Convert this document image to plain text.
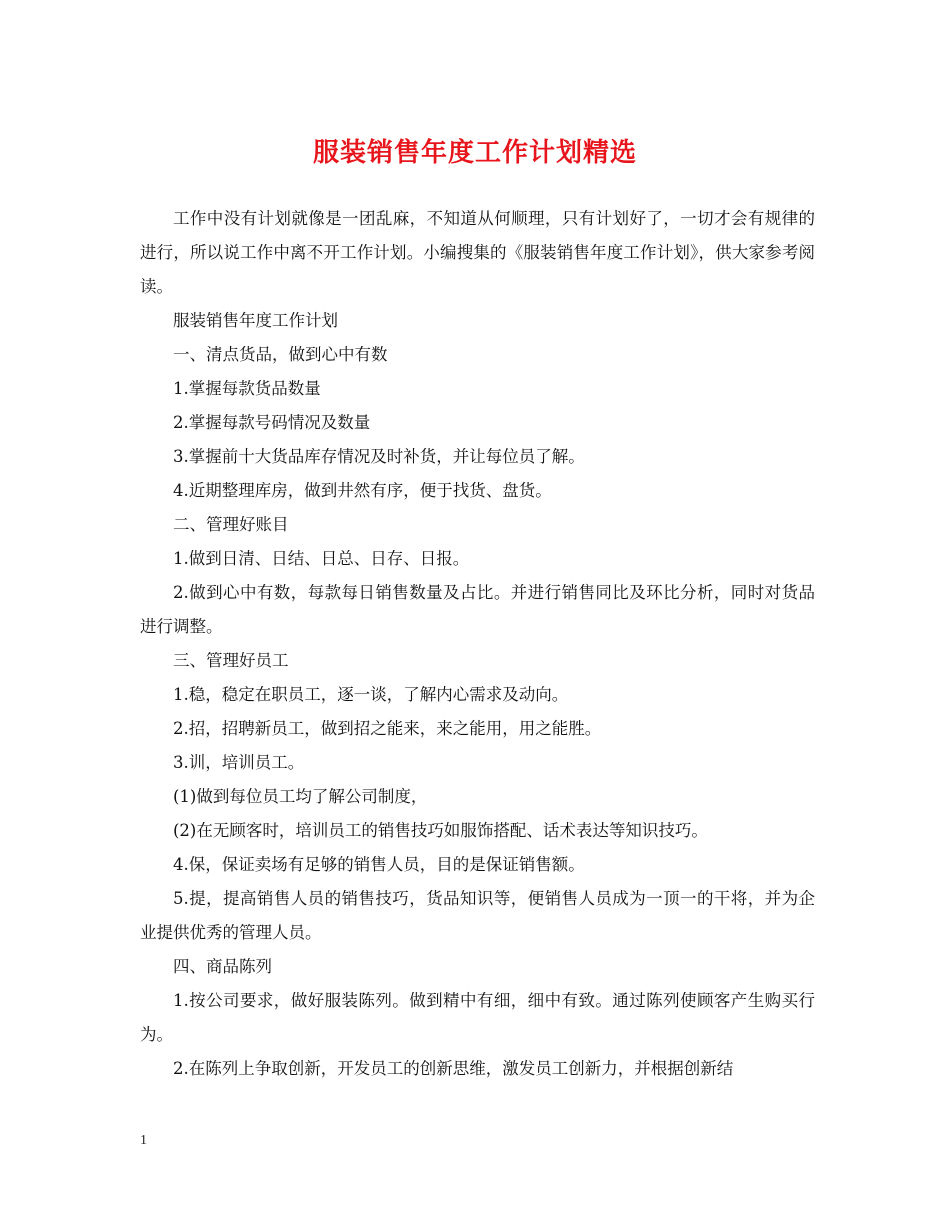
服装销售年度工作计划精选

工作中没有计划就像是一团乱麻，不知道从何顺理，只有计划好了，一切才会有规律的进行，所以说工作中离不开工作计划。小编搜集的《服装销售年度工作计划》，供大家参考阅读。

服装销售年度工作计划

一、清点货品，做到心中有数

1.掌握每款货品数量

2.掌握每款号码情况及数量

3.掌握前十大货品库存情况及时补货，并让每位员了解。

4.近期整理库房，做到井然有序，便于找货、盘货。

二、管理好账目

1.做到日清、日结、日总、日存、日报。

2.做到心中有数，每款每日销售数量及占比。并进行销售同比及环比分析，同时对货品进行调整。

三、管理好员工

1.稳，稳定在职员工，逐一谈，了解内心需求及动向。

2.招，招聘新员工，做到招之能来，来之能用，用之能胜。

3.训，培训员工。

(1)做到每位员工均了解公司制度，

(2)在无顾客时，培训员工的销售技巧如服饰搭配、话术表达等知识技巧。

4.保，保证卖场有足够的销售人员，目的是保证销售额。

5.提，提高销售人员的销售技巧，货品知识等，便销售人员成为一顶一的干将，并为企业提供优秀的管理人员。

四、商品陈列

1.按公司要求，做好服装陈列。做到精中有细，细中有致。通过陈列使顾客产生购买行为。

2.在陈列上争取创新，开发员工的创新思维，激发员工创新力，并根据创新结

1
